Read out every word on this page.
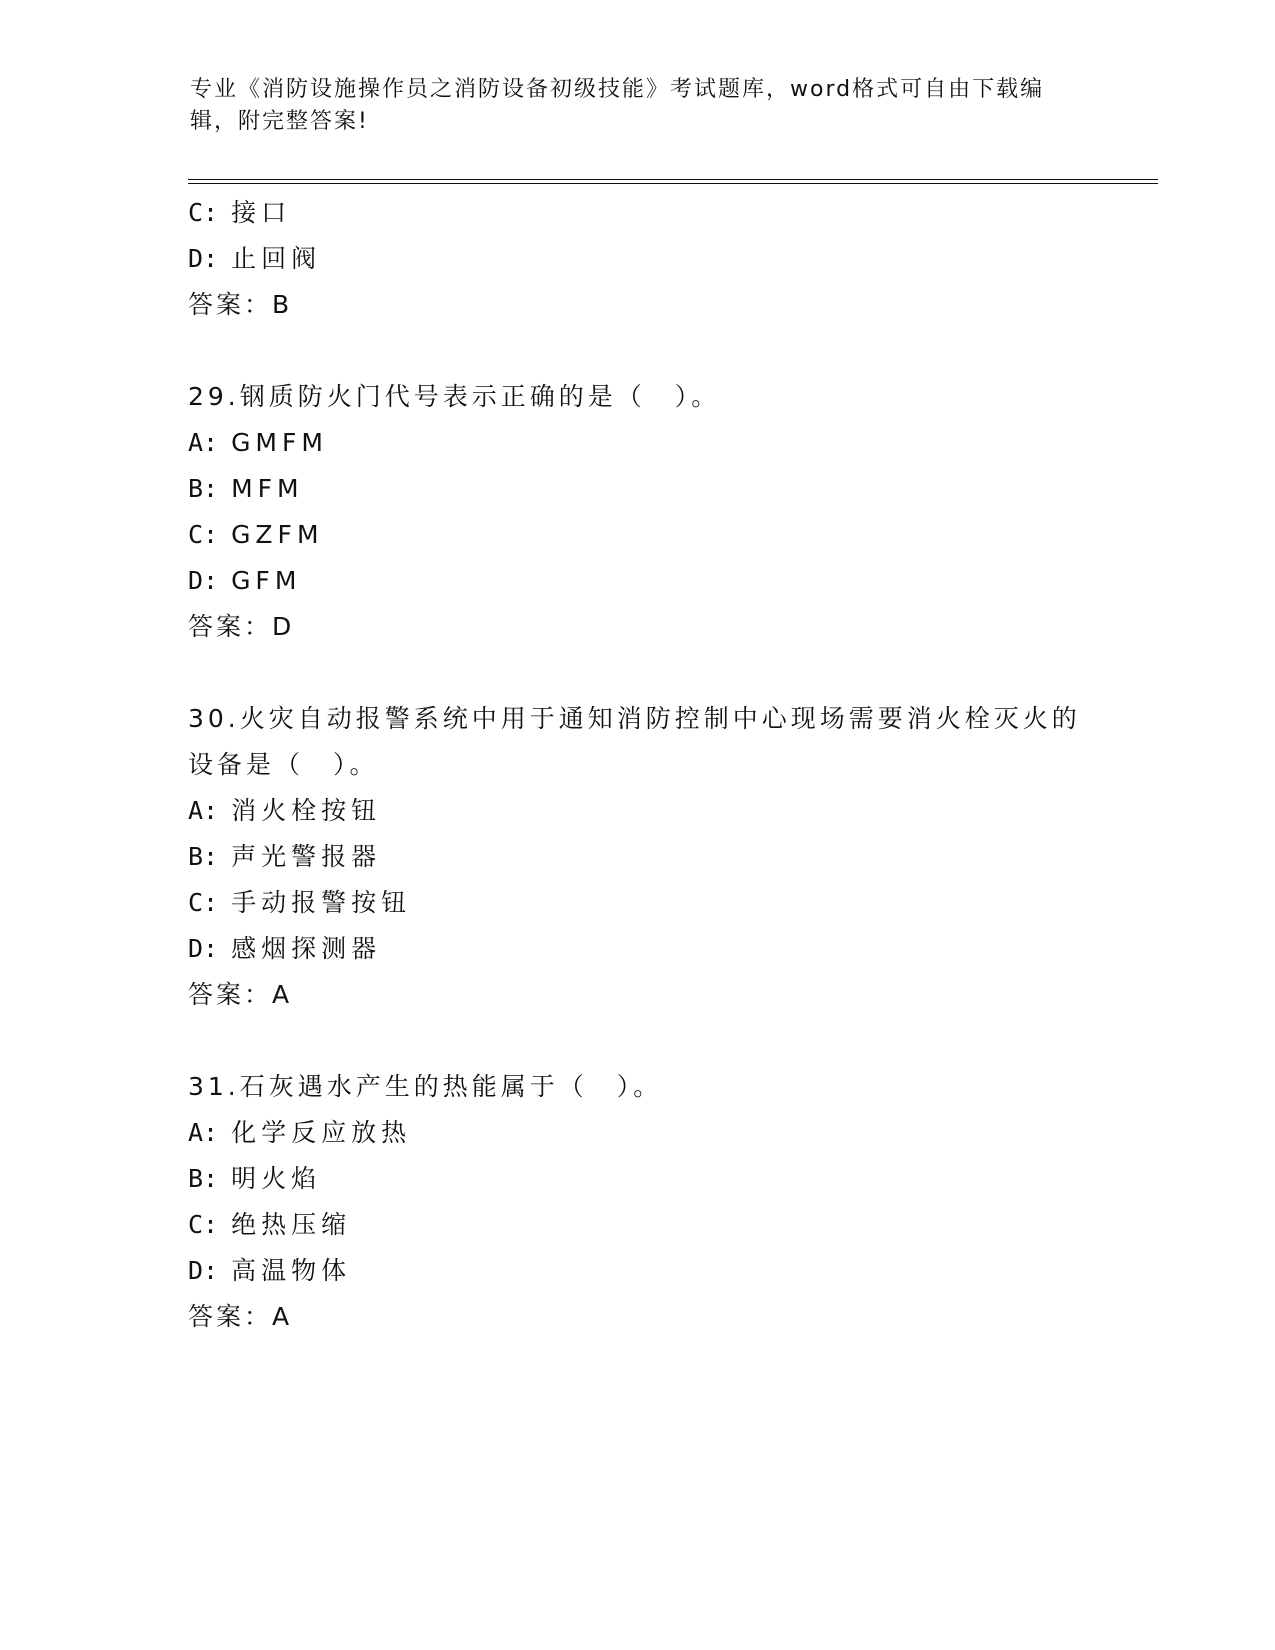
专业《消防设施操作员之消防设备初级技能》考试题库，word格式可自由下载编
辑，附完整答案!
C: 接口
D: 止回阀
答案：B
29.钢质防火门代号表示正确的是（　）。
A: GMFM
B: MFM
C: GZFM
D: GFM
答案：D
30.火灾自动报警系统中用于通知消防控制中心现场需要消火栓灭火的
设备是（　）。
A: 消火栓按钮
B: 声光警报器
C: 手动报警按钮
D: 感烟探测器
答案：A
31.石灰遇水产生的热能属于（　）。
A: 化学反应放热
B: 明火焰
C: 绝热压缩
D: 高温物体
答案：A
